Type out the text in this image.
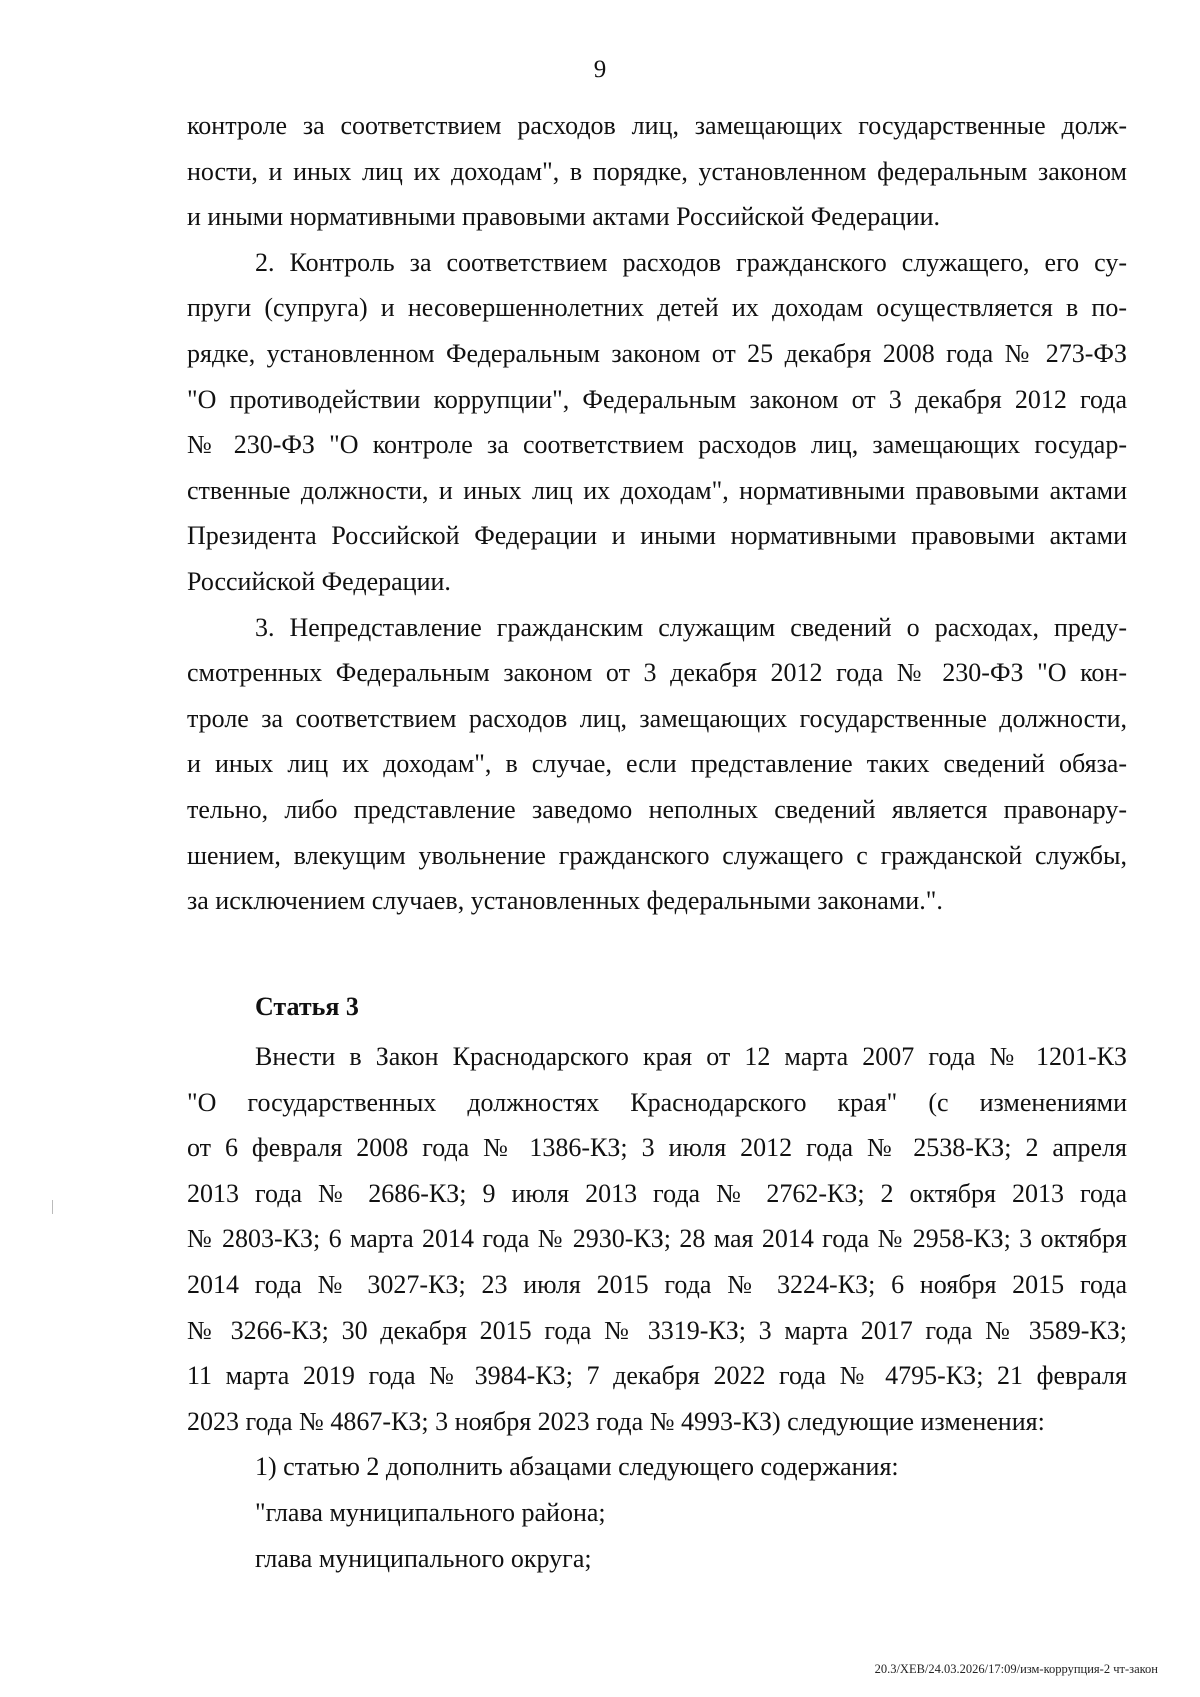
9
контроле за соответствием расходов лиц, замещающих государственные долж-
ности, и иных лиц их доходам", в порядке, установленном федеральным законом
и иными нормативными правовыми актами Российской Федерации.
2. Контроль за соответствием расходов гражданского служащего, его су-
пруги (супруга) и несовершеннолетних детей их доходам осуществляется в по-
рядке, установленном Федеральным законом от 25 декабря 2008 года № 273-ФЗ
"О противодействии коррупции", Федеральным законом от 3 декабря 2012 года
№ 230-ФЗ "О контроле за соответствием расходов лиц, замещающих государ-
ственные должности, и иных лиц их доходам", нормативными правовыми актами
Президента Российской Федерации и иными нормативными правовыми актами
Российской Федерации.
3. Непредставление гражданским служащим сведений о расходах, преду-
смотренных Федеральным законом от 3 декабря 2012 года № 230-ФЗ "О кон-
троле за соответствием расходов лиц, замещающих государственные должности,
и иных лиц их доходам", в случае, если представление таких сведений обяза-
тельно, либо представление заведомо неполных сведений является правонару-
шением, влекущим увольнение гражданского служащего с гражданской службы,
за исключением случаев, установленных федеральными законами.".
Статья 3
Внести в Закон Краснодарского края от 12 марта 2007 года № 1201-КЗ
"О государственных должностях Краснодарского края" (с изменениями
от 6 февраля 2008 года № 1386-КЗ; 3 июля 2012 года № 2538-КЗ; 2 апреля
2013 года № 2686-КЗ; 9 июля 2013 года № 2762-КЗ; 2 октября 2013 года
№ 2803-КЗ; 6 марта 2014 года № 2930-КЗ; 28 мая 2014 года № 2958-КЗ; 3 октября
2014 года № 3027-КЗ; 23 июля 2015 года № 3224-КЗ; 6 ноября 2015 года
№ 3266-КЗ; 30 декабря 2015 года № 3319-КЗ; 3 марта 2017 года № 3589-КЗ;
11 марта 2019 года № 3984-КЗ; 7 декабря 2022 года № 4795-КЗ; 21 февраля
2023 года № 4867-КЗ; 3 ноября 2023 года № 4993-КЗ) следующие изменения:
1) статью 2 дополнить абзацами следующего содержания:
"глава муниципального района;
глава муниципального округа;
20.3/ХЕВ/24.03.2026/17:09/изм-коррупция-2 чт-закон
